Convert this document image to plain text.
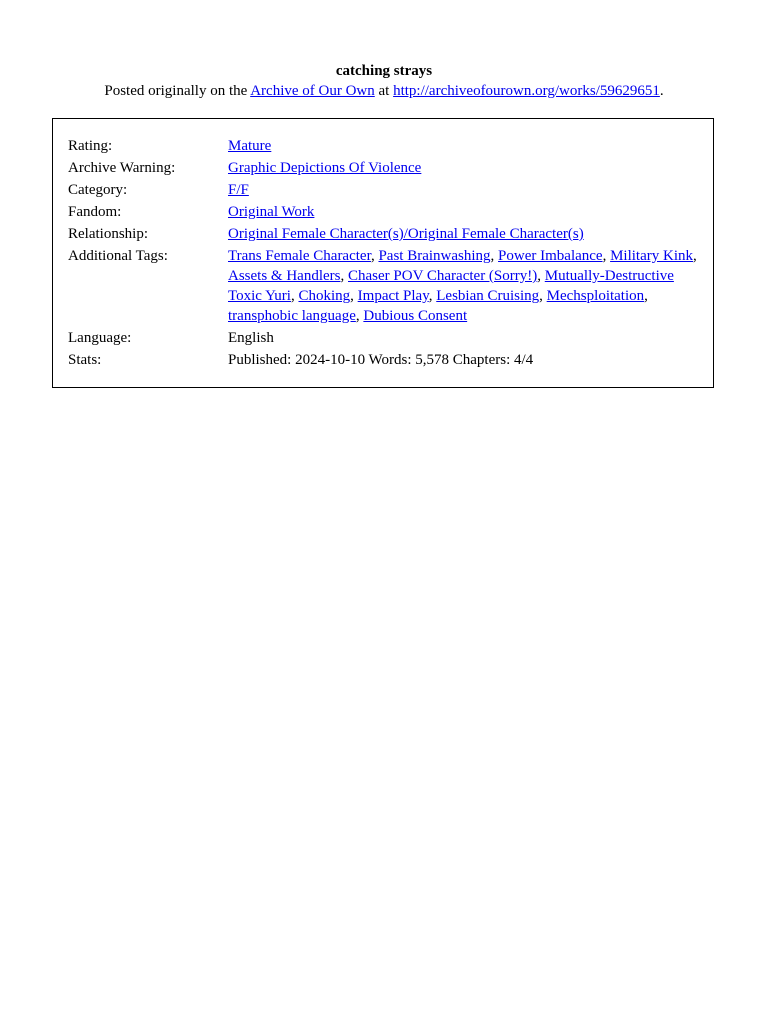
catching strays
Posted originally on the Archive of Our Own at http://archiveofourown.org/works/59629651.
Rating:	Mature
Archive Warning:	Graphic Depictions Of Violence
Category:	F/F
Fandom:	Original Work
Relationship:	Original Female Character(s)/Original Female Character(s)
Additional Tags:	Trans Female Character, Past Brainwashing, Power Imbalance, Military Kink, Assets & Handlers, Chaser POV Character (Sorry!), Mutually-Destructive Toxic Yuri, Choking, Impact Play, Lesbian Cruising, Mechsploitation, transphobic language, Dubious Consent
Language:	English
Stats:	Published: 2024-10-10 Words: 5,578 Chapters: 4/4
